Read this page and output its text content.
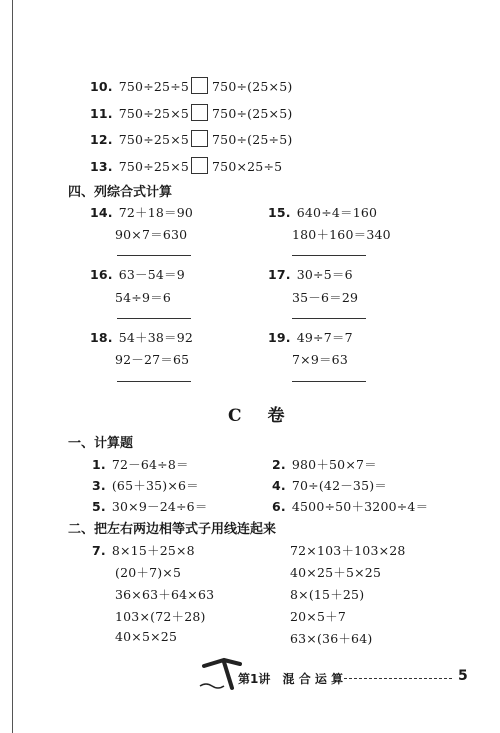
10. 750÷25÷5 750÷(25×5)
11. 750÷25×5 750÷(25×5)
12. 750÷25×5 750÷(25÷5)
13. 750÷25×5 750×25÷5
四、列综合式计算
14. 72＋18＝90
90×7＝630
15. 640÷4＝160
180＋160＝340
16. 63－54＝9
54÷9＝6
17. 30÷5＝6
35－6＝29
18. 54＋38＝92
92－27＝65
19. 49÷7＝7
7×9＝63
C 卷
一、计算题
1. 72－64÷8＝	2. 980＋50×7＝
3. (65＋35)×6＝	4. 70÷(42－35)＝
5. 30×9－24÷6＝	6. 4500÷50＋3200÷4＝
二、把左右两边相等式子用线连起来
7. 8×15＋25×8
(20＋7)×5
36×63＋64×63
103×(72＋28)
40×5×25
72×103＋103×28
40×25＋5×25
8×(15＋25)
20×5＋7
63×(36＋64)
第1讲 混 合 运 算	5
